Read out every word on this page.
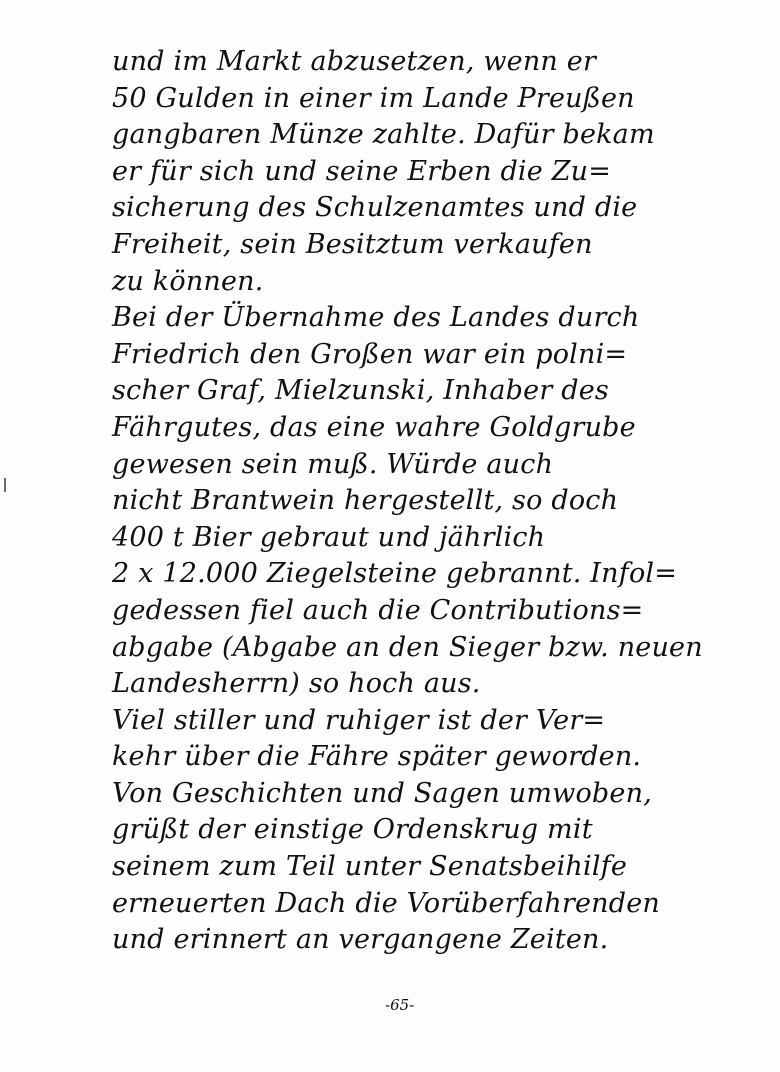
und im Markt abzusetzen, wenn er
50 Gulden in einer im Lande Preußen
gangbaren Münze zahlte. Dafür bekam
er für sich und seine Erben die Zu=
sicherung des Schulzenamtes und die
Freiheit, sein Besitztum verkaufen
zu können.
Bei der Übernahme des Landes durch
Friedrich den Großen war ein polni=
scher Graf, Mielzunski, Inhaber des
Fährgutes, das eine wahre Goldgrube
gewesen sein muß. Würde auch
nicht Brantwein hergestellt, so doch
400 t Bier gebraut und jährlich
2 x 12.000 Ziegelsteine gebrannt. Infol=
gedessen fiel auch die Contributions=
abgabe (Abgabe an den Sieger bzw. neuen
Landesherrn) so hoch aus.
Viel stiller und ruhiger ist der Ver=
kehr über die Fähre später geworden.
Von Geschichten und Sagen umwoben,
grüßt der einstige Ordenskrug mit
seinem zum Teil unter Senatsbeihilfe
erneuerten Dach die Vorüberfahrenden
und erinnert an vergangene Zeiten.
-65-
